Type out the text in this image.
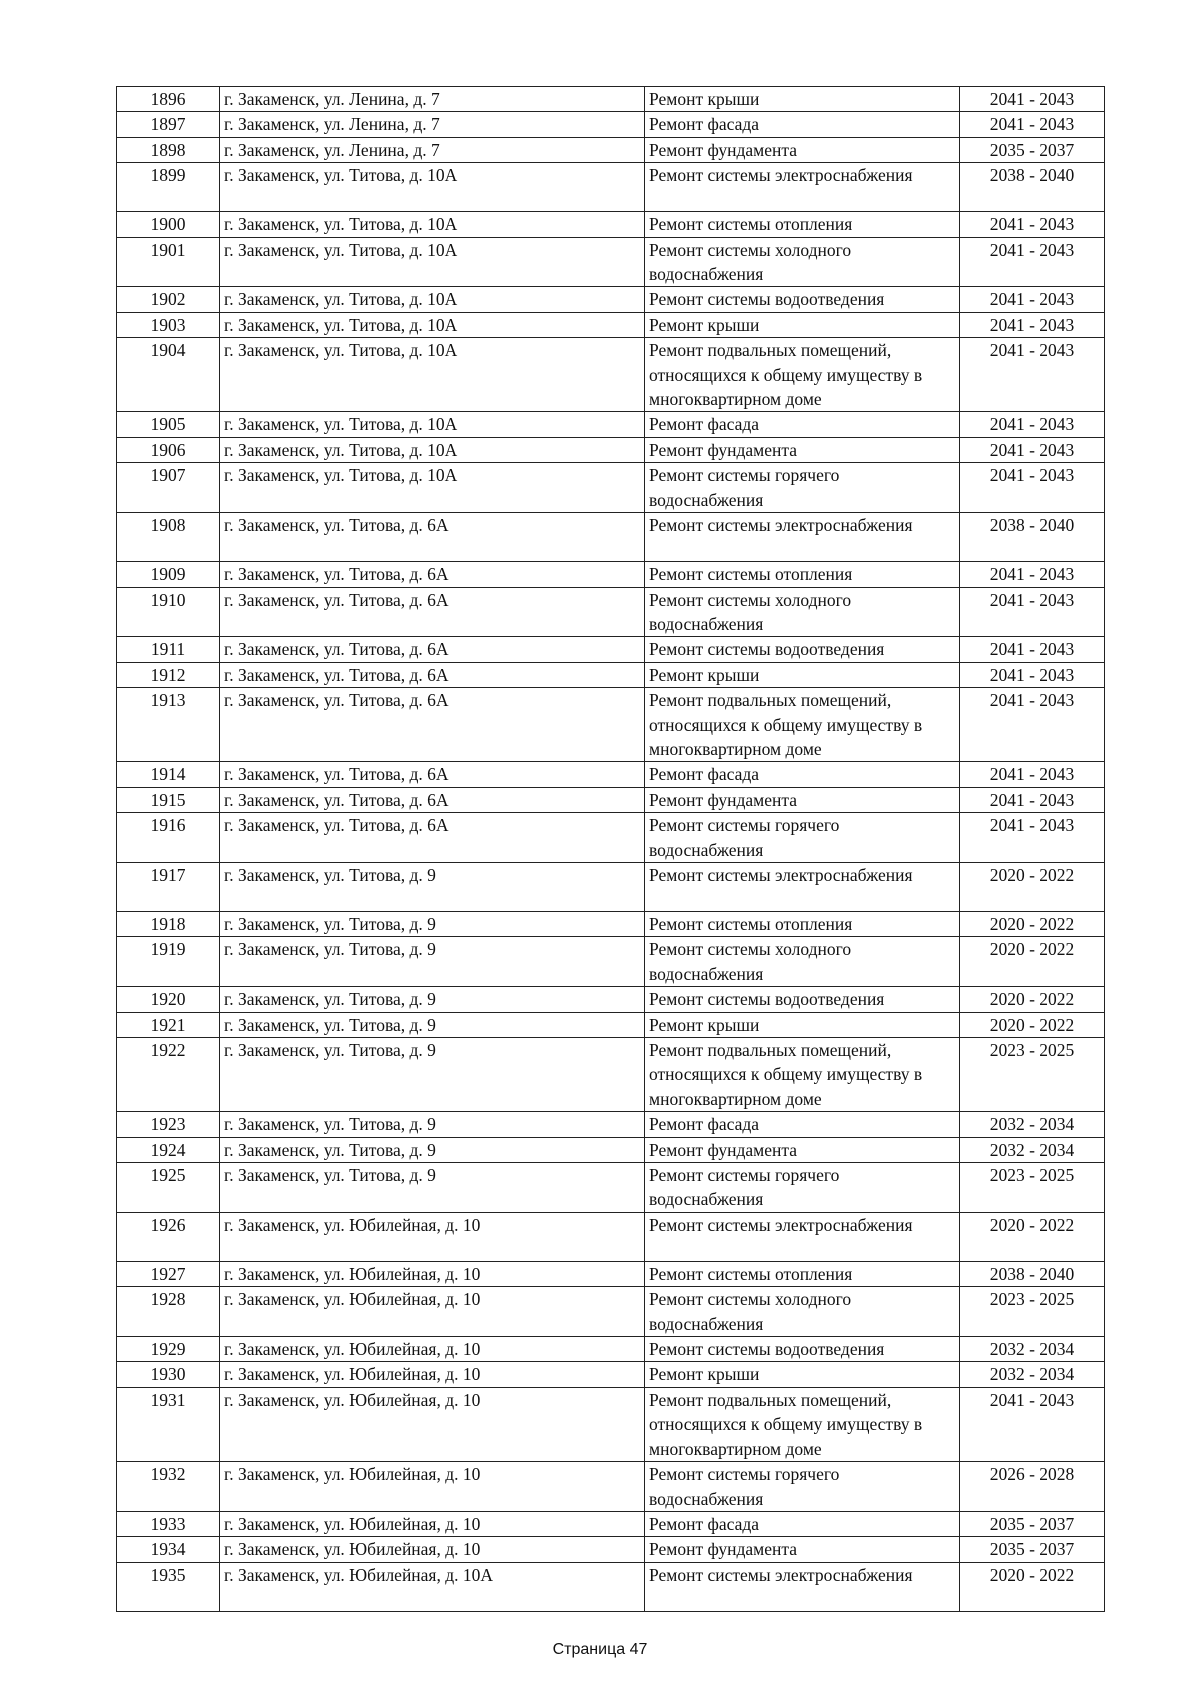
1896	г. Закаменск, ул. Ленина, д. 7	Ремонт крыши	2041 - 2043
1897	г. Закаменск, ул. Ленина, д. 7	Ремонт фасада	2041 - 2043
1898	г. Закаменск, ул. Ленина, д. 7	Ремонт фундамента	2035 - 2037
1899	г. Закаменск, ул. Титова, д. 10А	Ремонт системы электроснабжения	2038 - 2040
1900	г. Закаменск, ул. Титова, д. 10А	Ремонт системы отопления	2041 - 2043
1901	г. Закаменск, ул. Титова, д. 10А	Ремонт системы холодного водоснабжения	2041 - 2043
1902	г. Закаменск, ул. Титова, д. 10А	Ремонт системы водоотведения	2041 - 2043
1903	г. Закаменск, ул. Титова, д. 10А	Ремонт крыши	2041 - 2043
1904	г. Закаменск, ул. Титова, д. 10А	Ремонт подвальных помещений, относящихся к общему имуществу в многоквартирном доме	2041 - 2043
1905	г. Закаменск, ул. Титова, д. 10А	Ремонт фасада	2041 - 2043
1906	г. Закаменск, ул. Титова, д. 10А	Ремонт фундамента	2041 - 2043
1907	г. Закаменск, ул. Титова, д. 10А	Ремонт системы горячего водоснабжения	2041 - 2043
1908	г. Закаменск, ул. Титова, д. 6А	Ремонт системы электроснабжения	2038 - 2040
1909	г. Закаменск, ул. Титова, д. 6А	Ремонт системы отопления	2041 - 2043
1910	г. Закаменск, ул. Титова, д. 6А	Ремонт системы холодного водоснабжения	2041 - 2043
1911	г. Закаменск, ул. Титова, д. 6А	Ремонт системы водоотведения	2041 - 2043
1912	г. Закаменск, ул. Титова, д. 6А	Ремонт крыши	2041 - 2043
1913	г. Закаменск, ул. Титова, д. 6А	Ремонт подвальных помещений, относящихся к общему имуществу в многоквартирном доме	2041 - 2043
1914	г. Закаменск, ул. Титова, д. 6А	Ремонт фасада	2041 - 2043
1915	г. Закаменск, ул. Титова, д. 6А	Ремонт фундамента	2041 - 2043
1916	г. Закаменск, ул. Титова, д. 6А	Ремонт системы горячего водоснабжения	2041 - 2043
1917	г. Закаменск, ул. Титова, д. 9	Ремонт системы электроснабжения	2020 - 2022
1918	г. Закаменск, ул. Титова, д. 9	Ремонт системы отопления	2020 - 2022
1919	г. Закаменск, ул. Титова, д. 9	Ремонт системы холодного водоснабжения	2020 - 2022
1920	г. Закаменск, ул. Титова, д. 9	Ремонт системы водоотведения	2020 - 2022
1921	г. Закаменск, ул. Титова, д. 9	Ремонт крыши	2020 - 2022
1922	г. Закаменск, ул. Титова, д. 9	Ремонт подвальных помещений, относящихся к общему имуществу в многоквартирном доме	2023 - 2025
1923	г. Закаменск, ул. Титова, д. 9	Ремонт фасада	2032 - 2034
1924	г. Закаменск, ул. Титова, д. 9	Ремонт фундамента	2032 - 2034
1925	г. Закаменск, ул. Титова, д. 9	Ремонт системы горячего водоснабжения	2023 - 2025
1926	г. Закаменск, ул. Юбилейная, д. 10	Ремонт системы электроснабжения	2020 - 2022
1927	г. Закаменск, ул. Юбилейная, д. 10	Ремонт системы отопления	2038 - 2040
1928	г. Закаменск, ул. Юбилейная, д. 10	Ремонт системы холодного водоснабжения	2023 - 2025
1929	г. Закаменск, ул. Юбилейная, д. 10	Ремонт системы водоотведения	2032 - 2034
1930	г. Закаменск, ул. Юбилейная, д. 10	Ремонт крыши	2032 - 2034
1931	г. Закаменск, ул. Юбилейная, д. 10	Ремонт подвальных помещений, относящихся к общему имуществу в многоквартирном доме	2041 - 2043
1932	г. Закаменск, ул. Юбилейная, д. 10	Ремонт системы горячего водоснабжения	2026 - 2028
1933	г. Закаменск, ул. Юбилейная, д. 10	Ремонт фасада	2035 - 2037
1934	г. Закаменск, ул. Юбилейная, д. 10	Ремонт фундамента	2035 - 2037
1935	г. Закаменск, ул. Юбилейная, д. 10А	Ремонт системы электроснабжения	2020 - 2022
Страница 47
